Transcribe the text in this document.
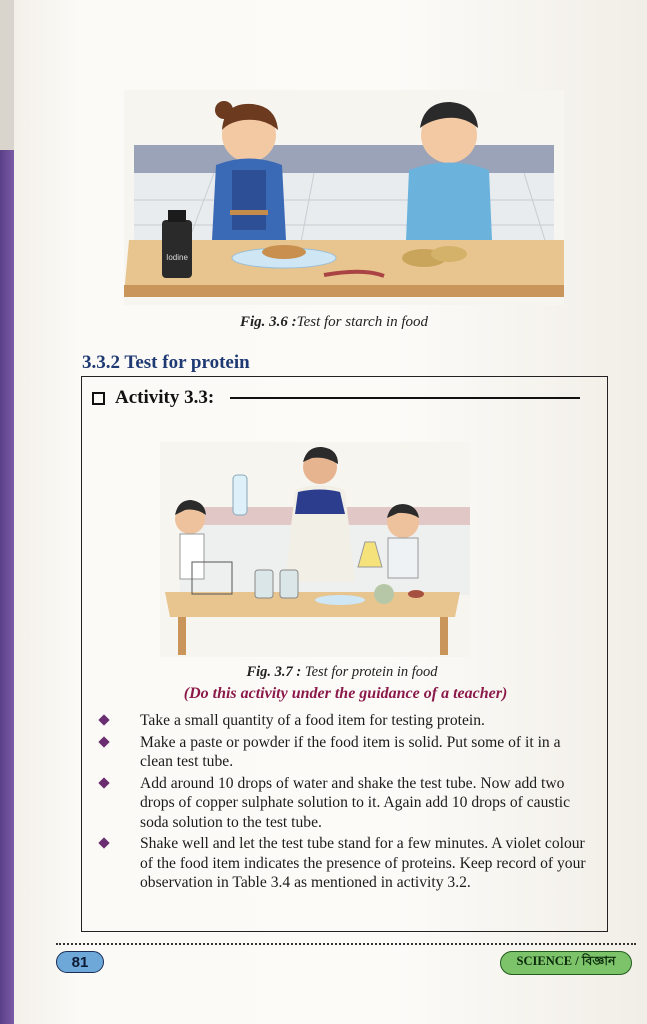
Iodine
Fig. 3.6 :Test for starch in food
3.3.2 Test for protein
Activity 3.3:
Fig. 3.7 : Test for protein in food
(Do this activity under the guidance of a teacher)
Take a small quantity of a food item for testing protein.
Make a paste or powder if the food item is solid. Put some of it in a clean test tube.
Add around 10 drops of water and shake the test tube. Now add two drops of copper sulphate solution to it. Again add 10 drops of caustic soda solution to the test tube.
Shake well and let the test tube stand for a few minutes. A violet colour of the food item indicates the presence of proteins. Keep record of your observation in Table 3.4 as mentioned in activity 3.2.
81	SCIENCE / বিজ্ঞান
